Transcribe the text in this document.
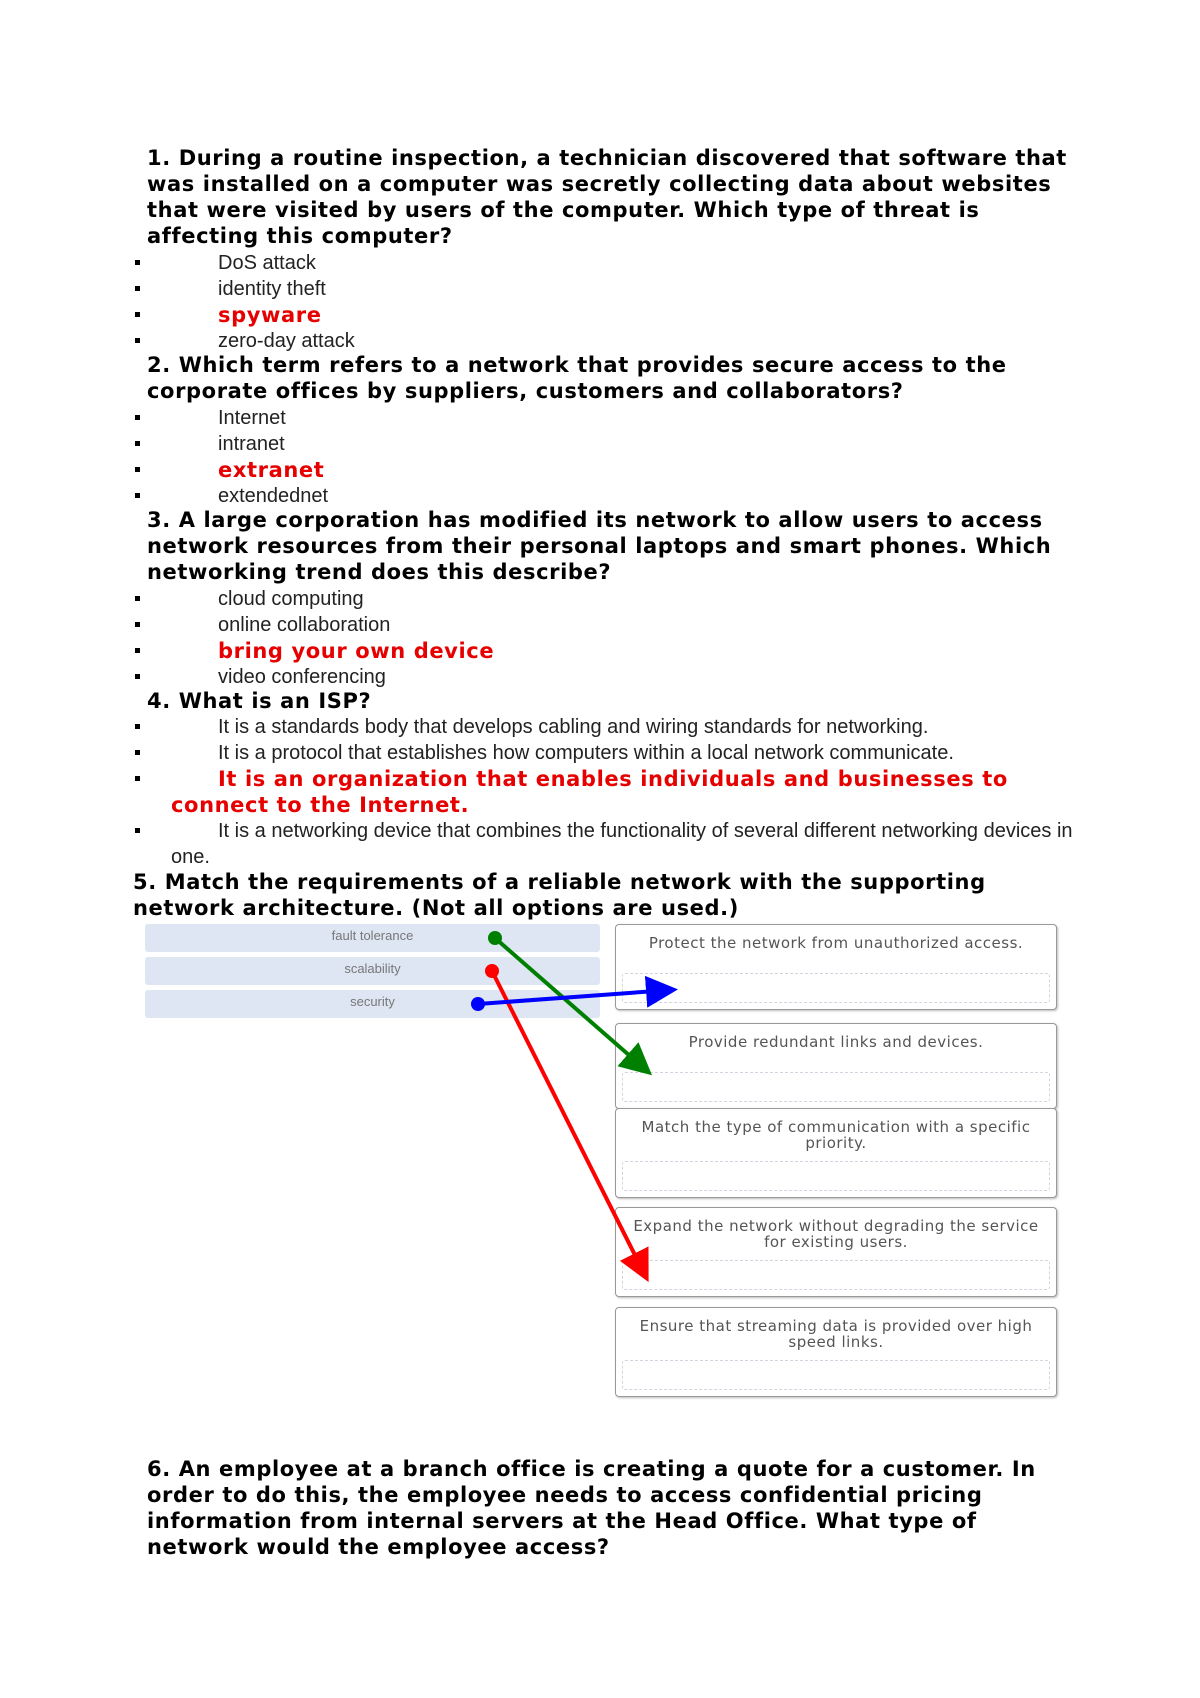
1. During a routine inspection, a technician discovered that software that was installed on a computer was secretly collecting data about websites that were visited by users of the computer. Which type of threat is affecting this computer?

DoS attack
identity theft
spyware
zero-day attack

2. Which term refers to a network that provides secure access to the corporate offices by suppliers, customers and collaborators?

Internet
intranet
extranet
extendednet

3. A large corporation has modified its network to allow users to access network resources from their personal laptops and smart phones. Which networking trend does this describe?

cloud computing
online collaboration
bring your own device
video conferencing

4. What is an ISP?

It is a standards body that develops cabling and wiring standards for networking.
It is a protocol that establishes how computers within a local network communicate.
It is an organization that enables individuals and businesses to connect to the Internet.
It is a networking device that combines the functionality of several different networking devices in one.

5. Match the requirements of a reliable network with the supporting network architecture. (Not all options are used.)

fault tolerance
scalability
security
Protect the network from unauthorized access.
Provide redundant links and devices.
Match the type of communication with a specific priority.
Expand the network without degrading the service for existing users.
Ensure that streaming data is provided over high speed links.

6. An employee at a branch office is creating a quote for a customer. In order to do this, the employee needs to access confidential pricing information from internal servers at the Head Office. What type of network would the employee access?
